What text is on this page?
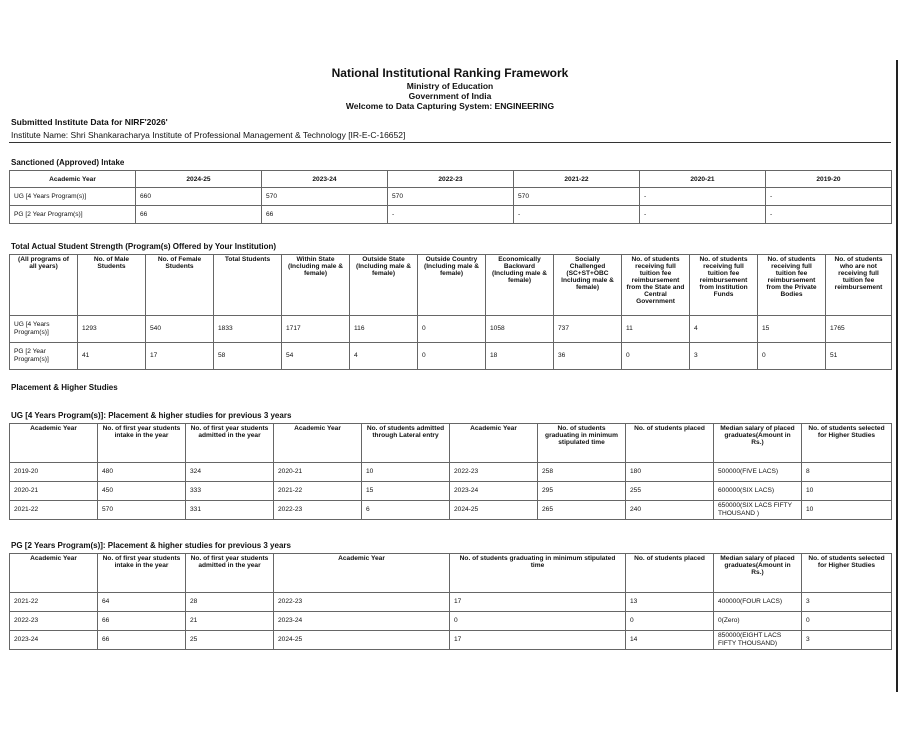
National Institutional Ranking Framework
Ministry of Education
Government of India
Welcome to Data Capturing System: ENGINEERING
Submitted Institute Data for NIRF'2026'
Institute Name: Shri Shankaracharya Institute of Professional Management & Technology [IR-E-C-16652]
Sanctioned (Approved) Intake
Academic Year	2024-25	2023-24	2022-23	2021-22	2020-21	2019-20
UG [4 Years Program(s)]	660	570	570	570	-	-
PG [2 Year Program(s)]	66	66	-	-	-	-
Total Actual Student Strength (Program(s) Offered by Your Institution)
(All programs of all years)	No. of Male Students	No. of Female Students	Total Students	Within State (Including male & female)	Outside State (Including male & female)	Outside Country (Including male & female)	Economically Backward (Including male & female)	Socially Challenged (SC+ST+OBC Including male & female)	No. of students receiving full tuition fee reimbursement from the State and Central Government	No. of students receiving full tuition fee reimbursement from Institution Funds	No. of students receiving full tuition fee reimbursement from the Private Bodies	No. of students who are not receiving full tuition fee reimbursement
UG [4 Years Program(s)]	1293	540	1833	1717	116	0	1058	737	11	4	15	1765
PG [2 Year Program(s)]	41	17	58	54	4	0	18	36	0	3	0	51
Placement & Higher Studies
UG [4 Years Program(s)]: Placement & higher studies for previous 3 years
Academic Year	No. of first year students intake in the year	No. of first year students admitted in the year	Academic Year	No. of students admitted through Lateral entry	Academic Year	No. of students graduating in minimum stipulated time	No. of students placed	Median salary of placed graduates(Amount in Rs.)	No. of students selected for Higher Studies
2019-20	480	324	2020-21	10	2022-23	258	180	500000(FIVE LACS)	8
2020-21	450	333	2021-22	15	2023-24	295	255	600000(SIX LACS)	10
2021-22	570	331	2022-23	6	2024-25	265	240	650000(SIX LACS FIFTY THOUSAND )	10
PG [2 Years Program(s)]: Placement & higher studies for previous 3 years
Academic Year	No. of first year students intake in the year	No. of first year students admitted in the year	Academic Year	No. of students graduating in minimum stipulated time	No. of students placed	Median salary of placed graduates(Amount in Rs.)	No. of students selected for Higher Studies
2021-22	64	28	2022-23	17	13	400000(FOUR LACS)	3
2022-23	66	21	2023-24	0	0	0(Zero)	0
2023-24	66	25	2024-25	17	14	850000(EIGHT LACS FIFTY THOUSAND)	3
